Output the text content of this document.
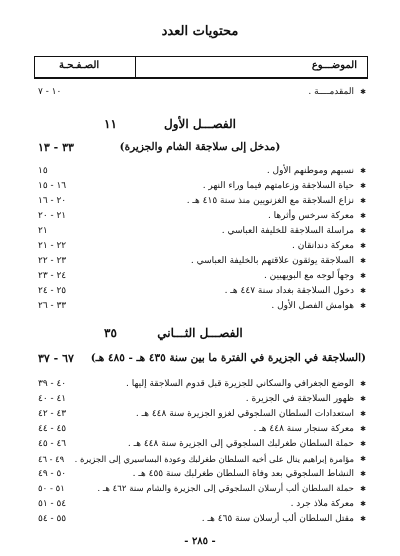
محتويات العدد
الموضـــوع
الصـفـحـة
✱
المقدمــــة .
١٠ - ٧
الفصـــل الأول
١١
(مدخل إلى سلاجقة الشام والجزيرة)
٣٣ - ١٣
✱
نسبهم وموطنهم الأول .
١٥
✱
حياة السلاجقة وزعامتهم فيما وراء النهر .
١٦ - ١٥
✱
نزاع السلاجقة مع الغزنويين منذ سنة ٤١٥ هـ .
٢٠ - ١٦
✱
معركة سرخس وأثرها .
٢١ - ٢٠
✱
مراسلة السلاجقة للخليفة العباسي .
٢١
✱
معركة دندانقان .
٢٢ - ٢١
✱
السلاجقة يوثقون علاقتهم بالخليفة العباسي .
٢٣ - ٢٢
✱
وجهاً لوجه مع البويهيين .
٢٤ - ٢٣
✱
دخول السلاجقة بغداد سنة ٤٤٧ هـ .
٢٥ - ٢٤
✱
هوامش الفصل الأول .
٣٣ - ٢٦
الفصـــل الثـــاني
٣٥
(السلاجقة في الجزيرة في الفترة ما بين سنة ٤٣٥ هـ - ٤٨٥ هـ)
٦٧ - ٣٧
✱
الوضع الجغرافي والسكاني للجزيرة قبل قدوم السلاجقة إليها .
٤٠ - ٣٩
✱
ظهور السلاجقة في الجزيرة .
٤١ - ٤٠
✱
استعدادات السلطان السلجوقي لغزو الجزيرة سنة ٤٤٨ هـ .
٤٣ - ٤٢
✱
معركة سنجار سنة ٤٤٨ هـ .
٤٥ - ٤٤
✱
حملة السلطان طغرلبك السلجوقي إلى الجزيرة سنة ٤٤٨ هـ .
٤٦ - ٤٥
✱
مؤامرة إبراهيم ينال على أخيه السلطان طغرلبك وعودة البساسيري إلى الجزيرة .
٤٩ - ٤٦
✱
النشاط السلجوقي بعد وفاة السلطان طغرلبك سنة ٤٥٥ هـ .
٥٠ - ٤٩
✱
حملة السلطان ألب أرسلان السلجوقي إلى الجزيرة والشام سنة ٤٦٢ هـ .
٥١ - ٥٠
✱
معركة ملاذ جرد .
٥٤ - ٥١
✱
مقتل السلطان ألب أرسلان سنة ٤٦٥ هـ .
٥٥ - ٥٤
- ٢٨٥ -
